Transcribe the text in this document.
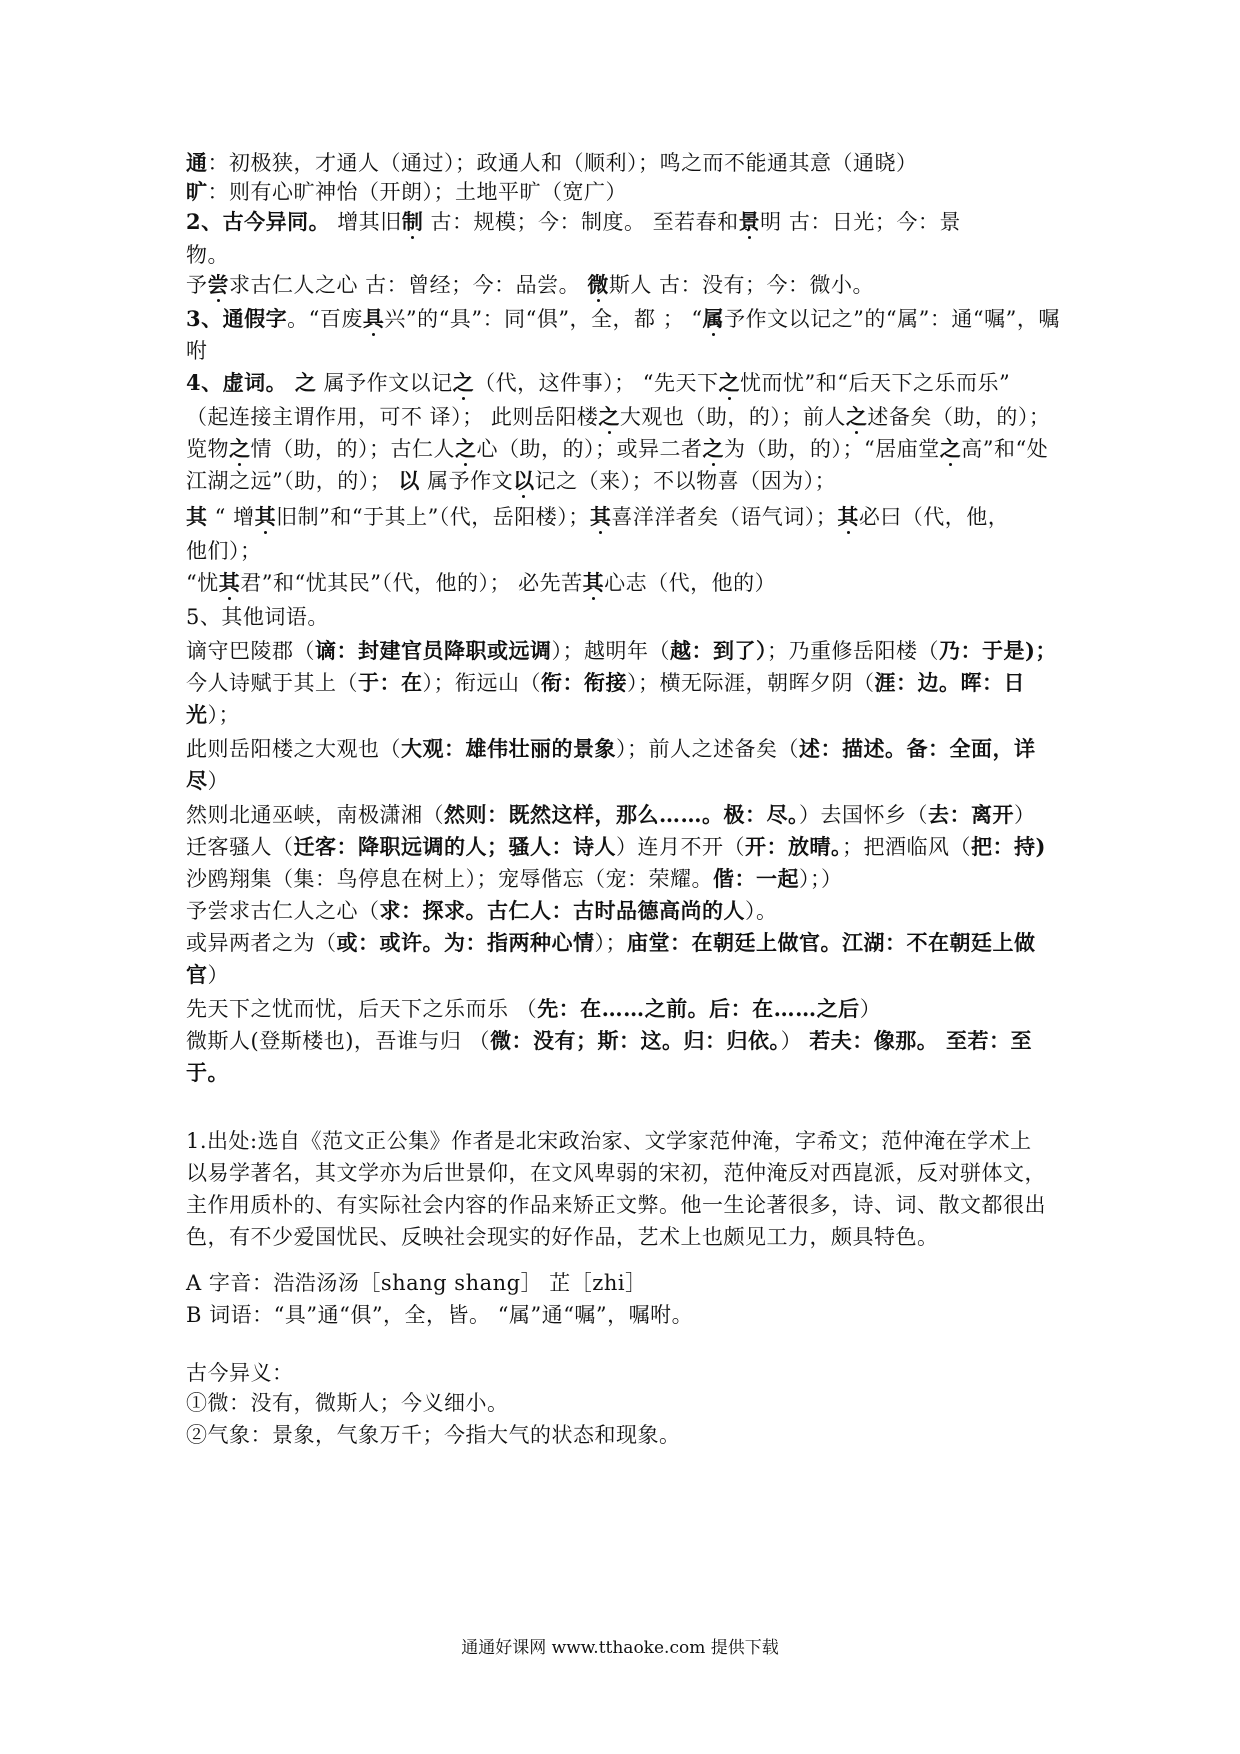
通：初极狭，才通人（通过）；政通人和（顺利）；鸣之而不能通其意（通晓）
旷：则有心旷神怡（开朗）；土地平旷（宽广）
2、古今异同。 增其旧制 古：规模；今：制度。 至若春和景明 古：日光；今：景
物。
予尝求古仁人之心 古：曾经；今：品尝。 微斯人 古：没有；今：微小。
3、通假字。“百废具兴”的“具”：同“俱”，全，都 ； “属予作文以记之”的“属”：通“嘱”，嘱
咐
4、虚词。 之 属予作文以记之（代，这件事）； “先天下之忧而忧”和“后天下之乐而乐”
（起连接主谓作用，可不 译）； 此则岳阳楼之大观也（助，的）；前人之述备矣（助，的）；
览物之情（助，的）；古仁人之心（助，的）；或异二者之为（助，的）；“居庙堂之高”和“处
江湖之远”（助，的）； 以 属予作文以记之（来）；不以物喜（因为）；
其 “ 增其旧制”和“于其上”（代，岳阳楼）；其喜洋洋者矣（语气词）；其必曰（代，他，
他们）；
“忧其君”和“忧其民”（代，他的）； 必先苦其心志（代，他的）
5、其他词语。
谪守巴陵郡（谪：封建官员降职或远调）；越明年（越：到了）；乃重修岳阳楼（乃：于是)；
今人诗赋于其上（于：在）；衔远山（衔：衔接）；横无际涯，朝晖夕阴（涯：边。晖：日
光）；
此则岳阳楼之大观也（大观：雄伟壮丽的景象）；前人之述备矣（述：描述。备：全面，详
尽）
然则北通巫峡，南极潇湘（然则：既然这样，那么……。极：尽。）去国怀乡（去：离开）
迁客骚人（迁客：降职远调的人；骚人：诗人）连月不开（开：放晴。；把酒临风（把：持)
沙鸥翔集（集：鸟停息在树上）；宠辱偕忘（宠：荣耀。偕：一起）；）
予尝求古仁人之心（求：探求。古仁人：古时品德高尚的人）。
或异两者之为（或：或许。为：指两种心情）；庙堂：在朝廷上做官。江湖：不在朝廷上做
官）
先天下之忧而忧，后天下之乐而乐 （先：在……之前。后：在……之后）
微斯人(登斯楼也)，吾谁与归 （微：没有；斯：这。归：归依。） 若夫：像那。 至若：至
于。
1.出处:选自《范文正公集》作者是北宋政治家、文学家范仲淹，字希文；范仲淹在学术上
以易学著名，其文学亦为后世景仰，在文风卑弱的宋初，范仲淹反对西崑派，反对骈体文，
主作用质朴的、有实际社会内容的作品来矫正文弊。他一生论著很多，诗、词、散文都很出
色，有不少爱国忧民、反映社会现实的好作品，艺术上也颇见工力，颇具特色。
A 字音：浩浩汤汤［shang shang］ 芷［zhi］
B 词语：“具”通“俱”，全，皆。 “属”通“嘱”，嘱咐。
古今异义：
①微：没有，微斯人；今义细小。
②气象：景象，气象万千；今指大气的状态和现象。
通通好课网 www.tthaoke.com 提供下载
